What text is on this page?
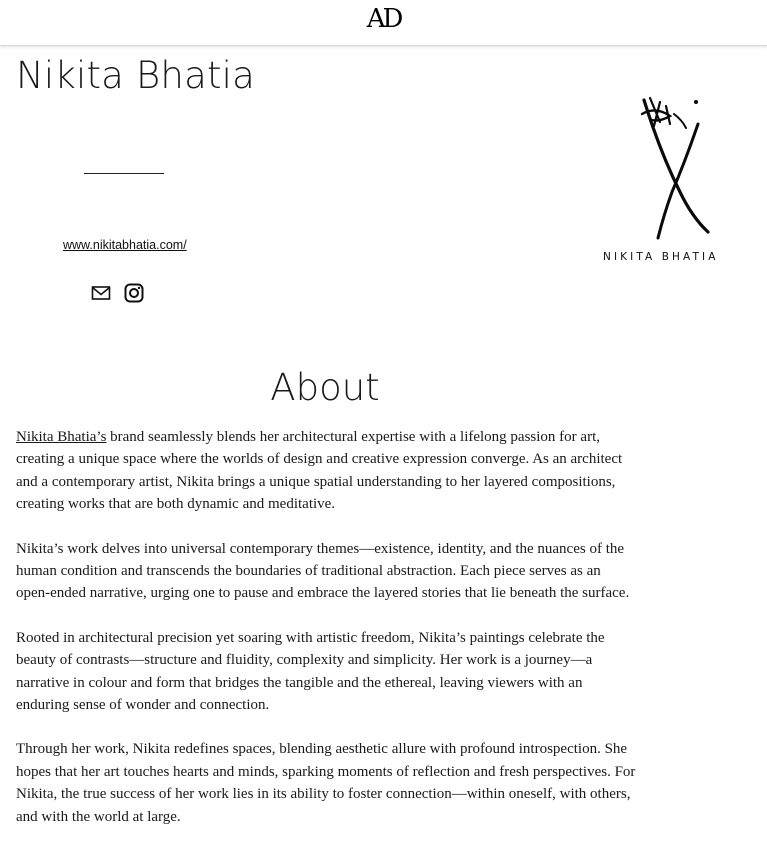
AD
Nikita Bhatia
www.nikitabhatia.com/
NIKITA BHATIA
About

Nikita Bhatia’s brand seamlessly blends her architectural expertise with a lifelong passion for art, creating a unique space where the worlds of design and creative expression converge. As an architect and a contemporary artist, Nikita brings a unique spatial understanding to her layered compositions, creating works that are both dynamic and meditative.

Nikita’s work delves into universal contemporary themes—existence, identity, and the nuances of the human condition and transcends the boundaries of traditional abstraction. Each piece serves as an open-ended narrative, urging one to pause and embrace the layered stories that lie beneath the surface.

Rooted in architectural precision yet soaring with artistic freedom, Nikita’s paintings celebrate the beauty of contrasts—structure and fluidity, complexity and simplicity. Her work is a journey—a narrative in colour and form that bridges the tangible and the ethereal, leaving viewers with an enduring sense of wonder and connection.

Through her work, Nikita redefines spaces, blending aesthetic allure with profound introspection. She hopes that her art touches hearts and minds, sparking moments of reflection and fresh perspectives. For Nikita, the true success of her work lies in its ability to foster connection—within oneself, with others, and with the world at large.
